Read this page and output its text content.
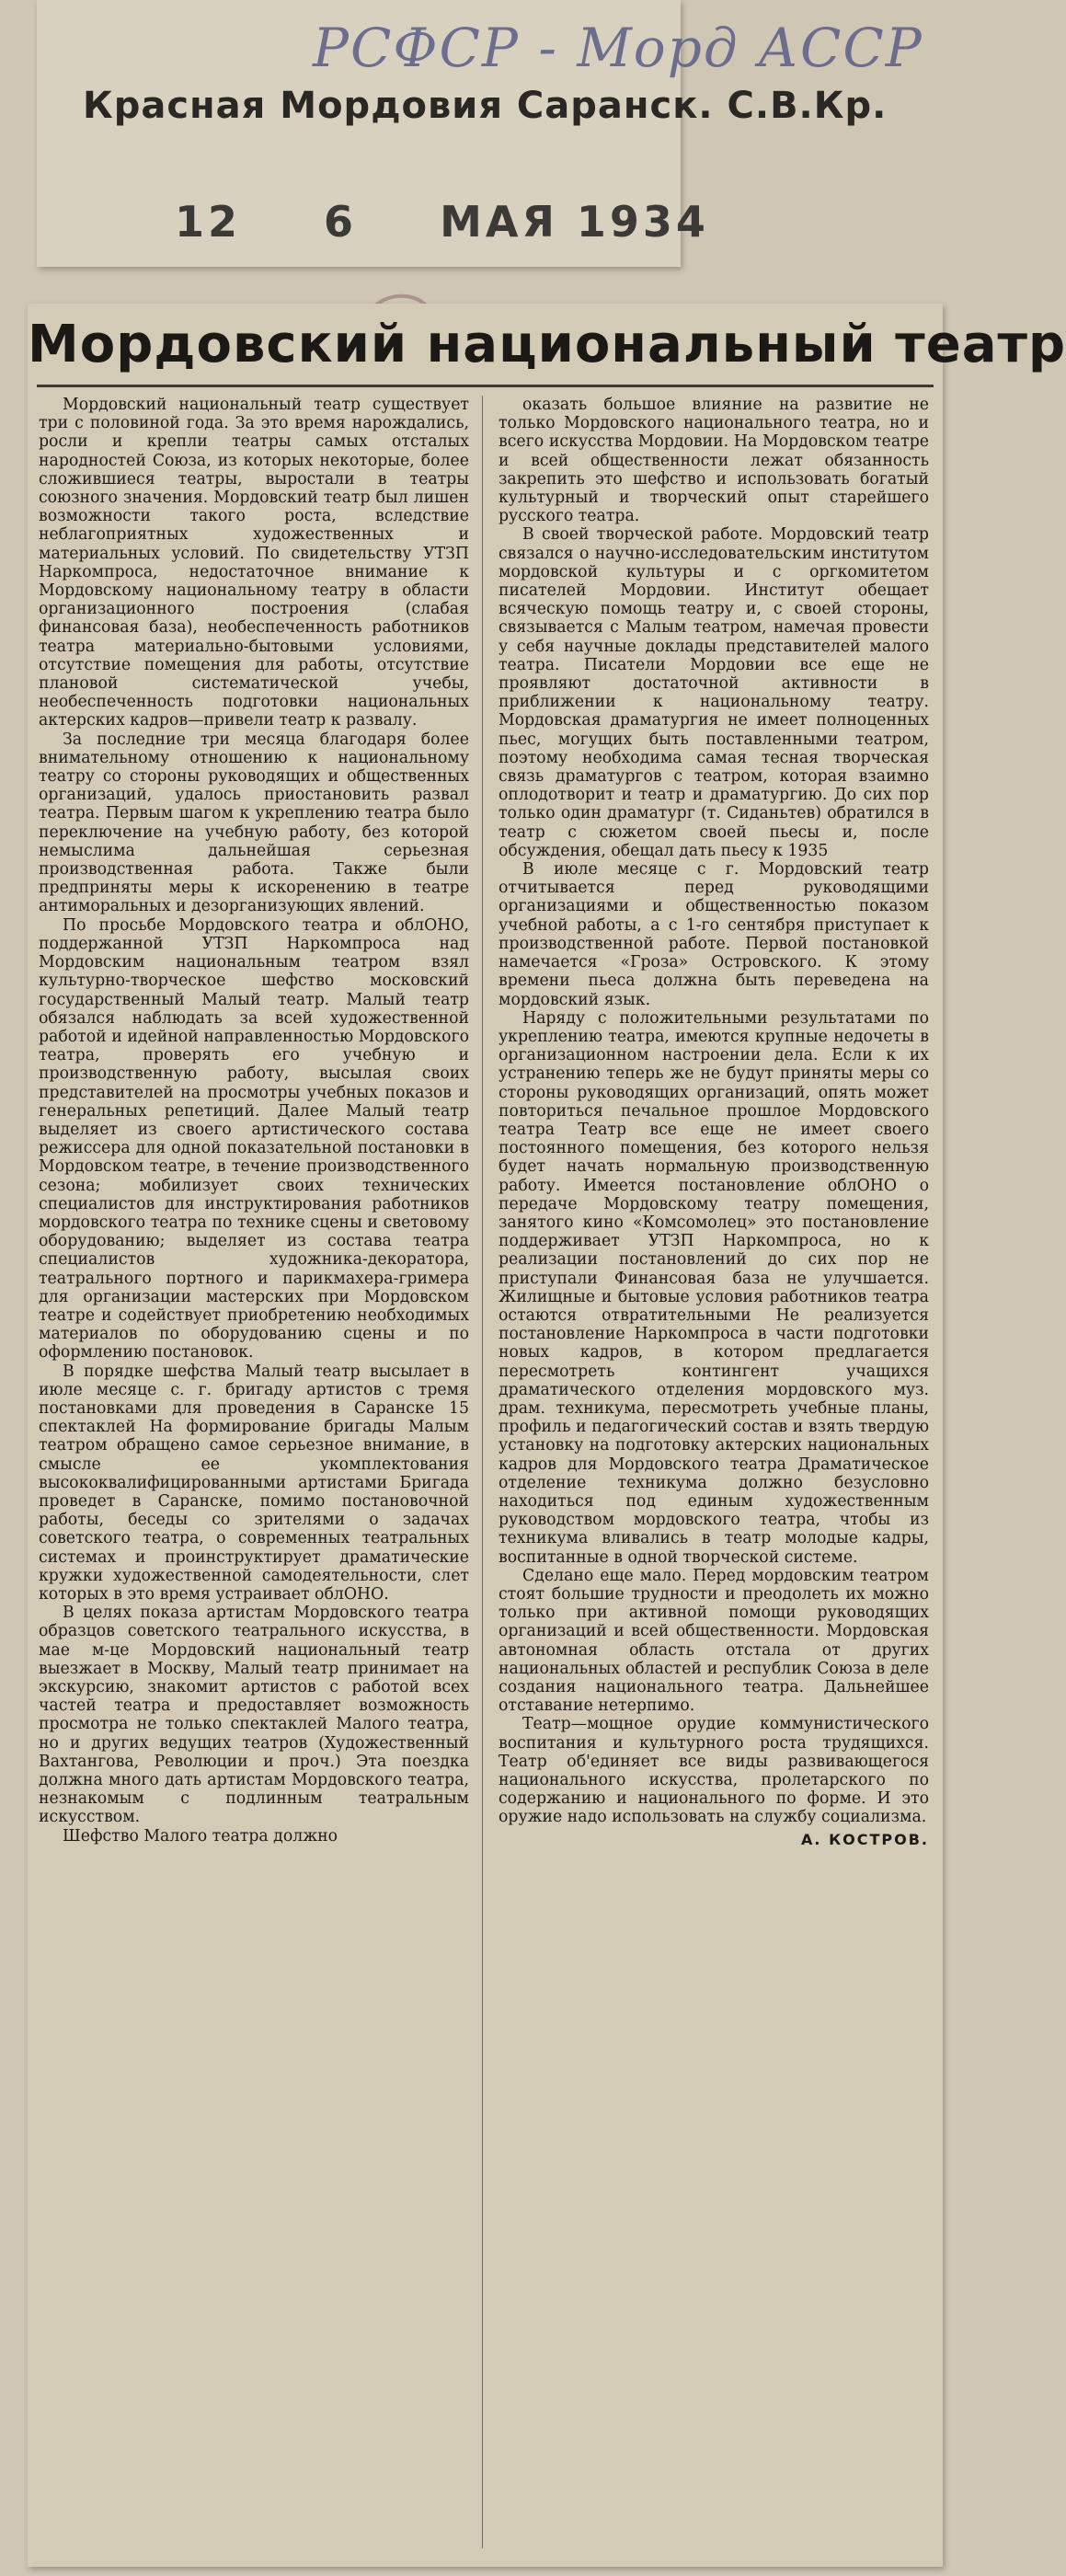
РСФСР - Морд АССР
Красная Мордовия Саранск. С.В.Кр.
12 6 МАЯ 1934
Мордовский национальный театр

Мордовский национальный театр существует три с половиной года. За это время нарождались, росли и крепли театры самых отсталых народностей Союза, из которых некоторые, более сложившиеся театры, выростали в театры союзного значения. Мордовский театр был лишен возможности такого роста, вследствие неблагоприятных художественных и материальных условий. По свидетельству УТЗП Наркомпроса, недостаточное внимание к Мордовскому национальному театру в области организационного построения (слабая финансовая база), необеспеченность работников театра материально-бытовыми условиями, отсутствие помещения для работы, отсутствие плановой систематической учебы, необеспеченность подготовки национальных актерских кадров—привели театр к развалу.

За последние три месяца благодаря более внимательному отношению к национальному театру со стороны руководящих и общественных организаций, удалось приостановить развал театра. Первым шагом к укреплению театра было переключение на учебную работу, без которой немыслима дальнейшая серьезная производственная работа. Также были предприняты меры к искоренению в театре антиморальных и дезорганизующих явлений.

По просьбе Мордовского театра и облОНО, поддержанной УТЗП Наркомпроса над Мордовским национальным театром взял культурно-творческое шефство московский государственный Малый театр. Малый театр обязался наблюдать за всей художественной работой и идейной направленностью Мордовского театра, проверять его учебную и производственную работу, высылая своих представителей на просмотры учебных показов и генеральных репетиций. Далее Малый театр выделяет из своего артистического состава режиссера для одной показательной постановки в Мордовском театре, в течение производственного сезона; мобилизует своих технических специалистов для инструктирования работников мордовского театра по технике сцены и световому оборудованию; выделяет из состава театра специалистов художника-декоратора, театрального портного и парикмахера-гримера для организации мастерских при Мордовском театре и содействует приобретению необходимых материалов по оборудованию сцены и по оформлению постановок.

В порядке шефства Малый театр высылает в июле месяце с. г. бригаду артистов с тремя постановками для проведения в Саранске 15 спектаклей На формирование бригады Малым театром обращено самое серьезное внимание, в смысле ее укомплектования высококвалифицированными артистами Бригада проведет в Саранске, помимо постановочной работы, беседы со зрителями о задачах советского театра, о современных театральных системах и проинструктирует драматические кружки художественной самодеятельности, слет которых в это время устраивает облОНО.

В целях показа артистам Мордовского театра образцов советского театрального искусства, в мае м-це Мордовский национальный театр выезжает в Москву, Малый театр принимает на экскурсию, знакомит артистов с работой всех частей театра и предоставляет возможность просмотра не только спектаклей Малого театра, но и других ведущих театров (Художественный Вахтангова, Революции и проч.) Эта поездка должна много дать артистам Мордовского театра, незнакомым с подлинным театральным искусством.

Шефство Малого театра должно

оказать большое влияние на развитие не только Мордовского национального театра, но и всего искусства Мордовии. На Мордовском театре и всей общественности лежат обязанность закрепить это шефство и использовать богатый культурный и творческий опыт старейшего русского театра.

В своей творческой работе. Мордовский театр связался о научно-исследовательским институтом мордовской культуры и с оргкомитетом писателей Мордовии. Институт обещает всяческую помощь театру и, с своей стороны, связывается с Малым театром, намечая провести у себя научные доклады представителей малого театра. Писатели Мордовии все еще не проявляют достаточной активности в приближении к национальному театру. Мордовская драматургия не имеет полноценных пьес, могущих быть поставленными театром, поэтому необходима самая тесная творческая связь драматургов с театром, которая взаимно оплодотворит и театр и драматургию. До сих пор только один драматург (т. Сиданьтев) обратился в театр с сюжетом своей пьесы и, после обсуждения, обещал дать пьесу к 1935

В июле месяце с г. Мордовский театр отчитывается перед руководящими организациями и общественностью показом учебной работы, а с 1-го сентября приступает к производственной работе. Первой постановкой намечается «Гроза» Островского. К этому времени пьеса должна быть переведена на мордовский язык.

Наряду с положительными результатами по укреплению театра, имеются крупные недочеты в организационном настроении дела. Если к их устранению теперь же не будут приняты меры со стороны руководящих организаций, опять может повториться печальное прошлое Мордовского театра Театр все еще не имеет своего постоянного помещения, без которого нельзя будет начать нормальную производственную работу. Имеется постановление облОНО о передаче Мордовскому театру помещения, занятого кино «Комсомолец» это постановление поддерживает УТЗП Наркомпроса, но к реализации постановлений до сих пор не приступали Финансовая база не улучшается. Жилищные и бытовые условия работников театра остаются отвратительными Не реализуется постановление Наркомпроса в части подготовки новых кадров, в котором предлагается пересмотреть контингент учащихся драматического отделения мордовского муз. драм. техникума, пересмотреть учебные планы, профиль и педагогический состав и взять твердую установку на подготовку актерских национальных кадров для Мордовского театра Драматическое отделение техникума должно безусловно находиться под единым художественным руководством мордовского театра, чтобы из техникума вливались в театр молодые кадры, воспитанные в одной творческой системе.

Сделано еще мало. Перед мордовским театром стоят большие трудности и преодолеть их можно только при активной помощи руководящих организаций и всей общественности. Мордовская автономная область отстала от других национальных областей и республик Союза в деле создания национального театра. Дальнейшее отставание нетерпимо.

Театр—мощное орудие коммунистического воспитания и культурного роста трудящихся. Театр об'единяет все виды развивающегося национального искусства, пролетарского по содержанию и национального по форме. И это оружие надо использовать на службу социализма.

А. КОСТРОВ.
